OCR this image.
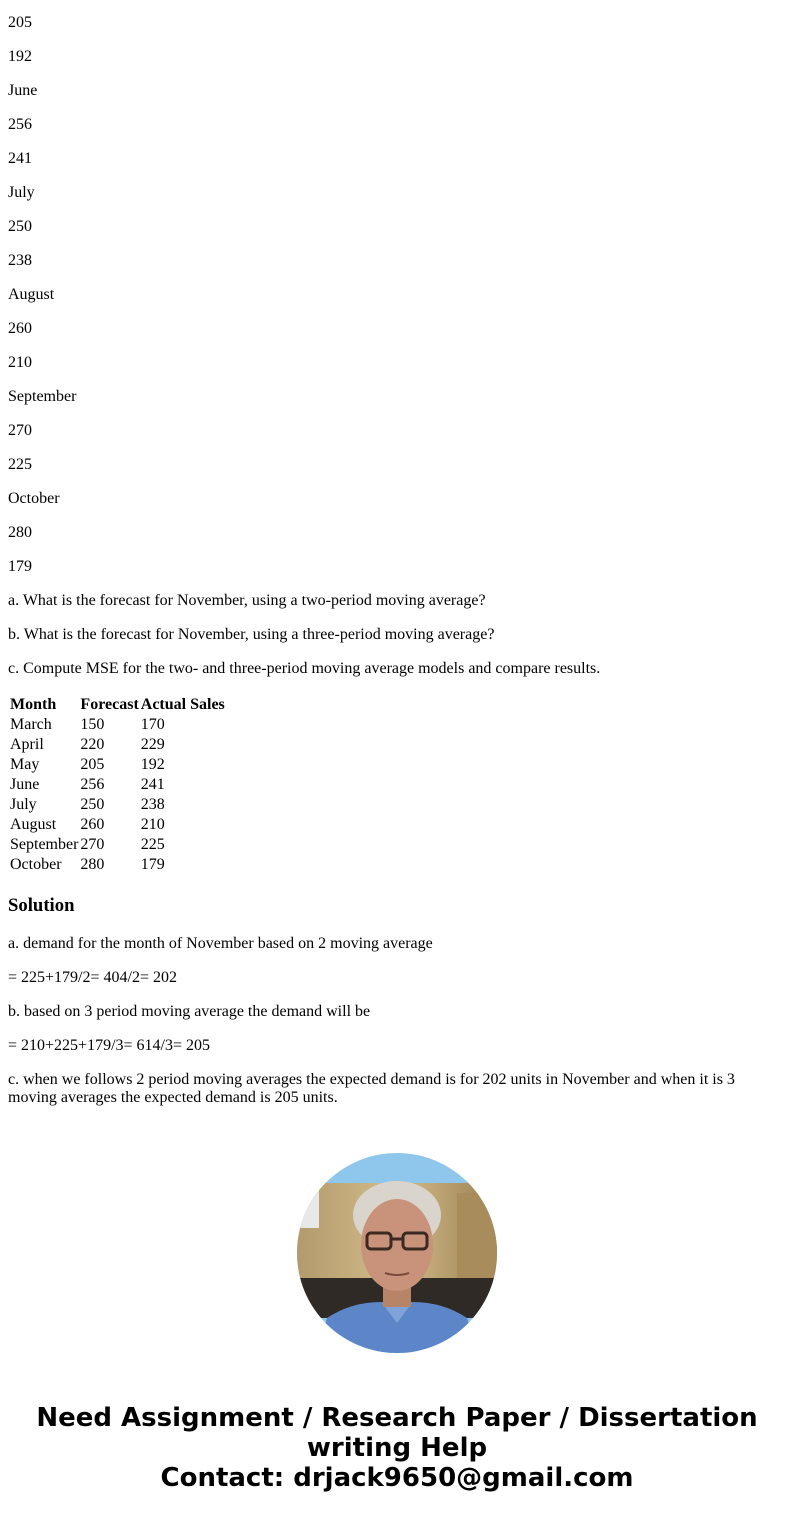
205
192
June
256
241
July
250
238
August
260
210
September
270
225
October
280
179
a. What is the forecast for November, using a two-period moving average?
b. What is the forecast for November, using a three-period moving average?
c. Compute MSE for the two- and three-period moving average models and compare results.
Month	Forecast	Actual Sales
March	150	170
April	220	229
May	205	192
June	256	241
July	250	238
August	260	210
September	270	225
October	280	179
Solution
a. demand for the month of November based on 2 moving average
= 225+179/2= 404/2= 202
b. based on 3 period moving average the demand will be
= 210+225+179/3= 614/3= 205
c. when we follows 2 period moving averages the expected demand is for 202 units in November and when it is 3 moving averages the expected demand is 205 units.
Need Assignment / Research Paper / Dissertation
writing Help
Contact: drjack9650@gmail.com
